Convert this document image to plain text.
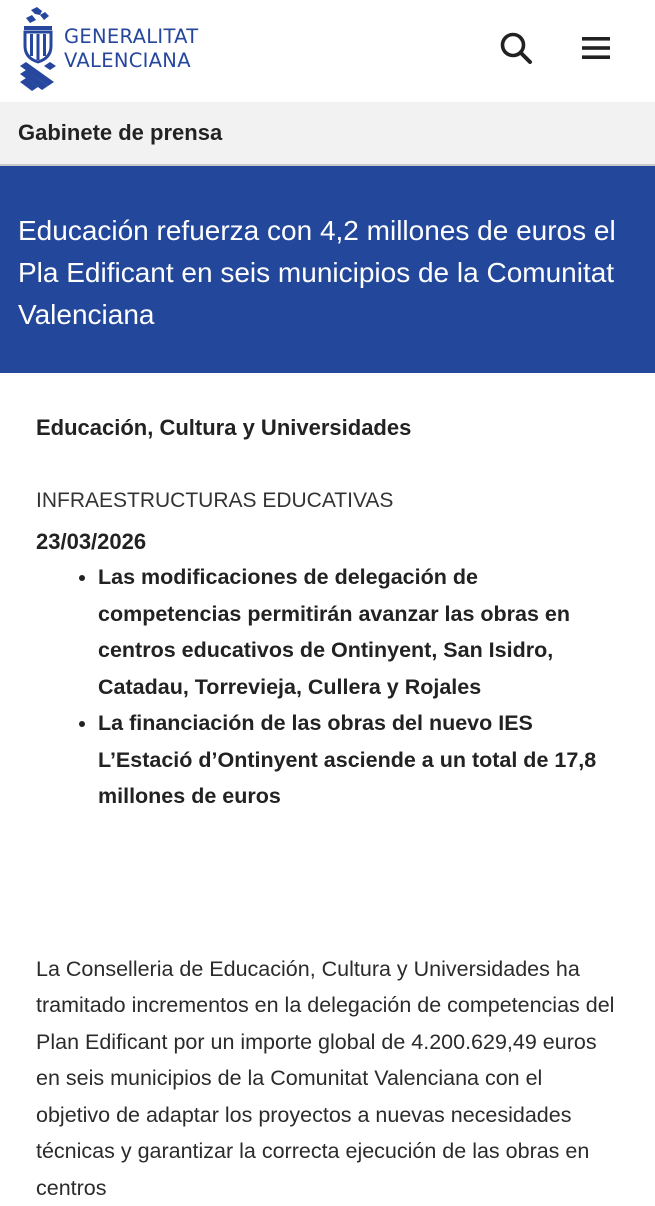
GENERALITAT
VALENCIANA
Gabinete de prensa
Educación refuerza con 4,2 millones de euros el Pla Edificant en seis municipios de la Comunitat Valenciana
Educación, Cultura y Universidades
INFRAESTRUCTURAS EDUCATIVAS
23/03/2026
• Las modificaciones de delegación de competencias permitirán avanzar las obras en centros educativos de Ontinyent, San Isidro, Catadau, Torrevieja, Cullera y Rojales
• La financiación de las obras del nuevo IES L’Estació d’Ontinyent asciende a un total de 17,8 millones de euros

La Conselleria de Educación, Cultura y Universidades ha tramitado incrementos en la delegación de competencias del Plan Edificant por un importe global de 4.200.629,49 euros en seis municipios de la Comunitat Valenciana con el objetivo de adaptar los proyectos a nuevas necesidades técnicas y garantizar la correcta ejecución de las obras en centros
